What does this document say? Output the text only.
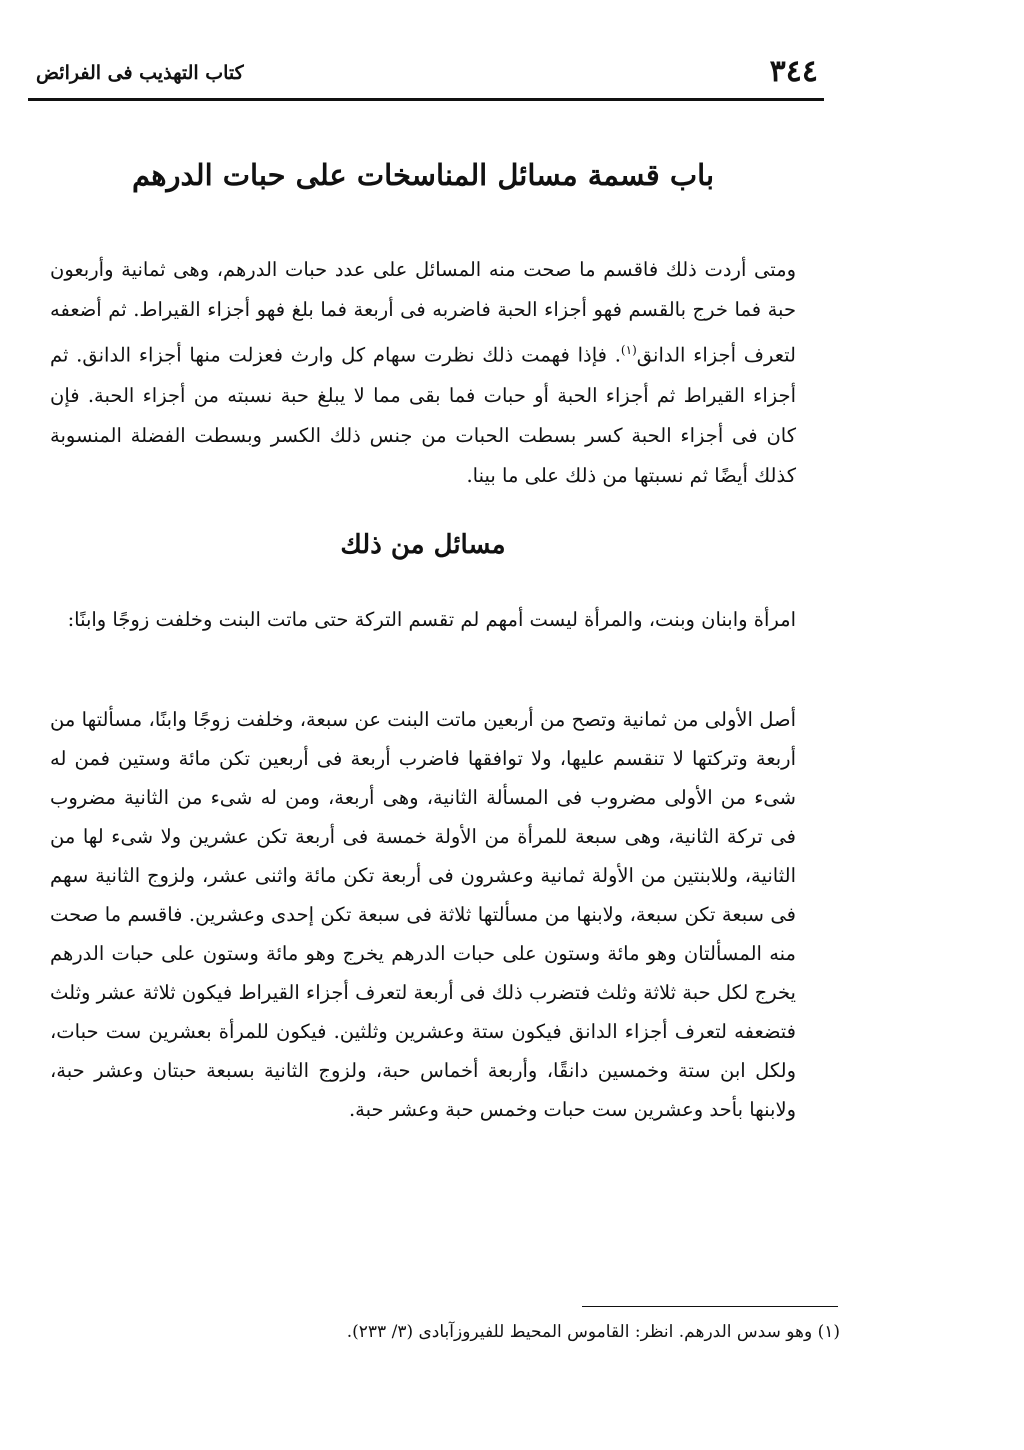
كتاب التهذيب فى الفرائض	٣٤٤
باب قسمة مسائل المناسخات على حبات الدرهم

ومتى أردت ذلك فاقسم ما صحت منه المسائل على عدد حبات الدرهم، وهى ثمانية وأربعون حبة فما خرج بالقسم فهو أجزاء الحبة فاضربه فى أربعة فما بلغ فهو أجزاء القيراط. ثم أضعفه لتعرف أجزاء الدانق$^{(١)}$. فإذا فهمت ذلك نظرت سهام كل وارث فعزلت منها أجزاء الدانق. ثم أجزاء القيراط ثم أجزاء الحبة أو حبات فما بقى مما لا يبلغ حبة نسبته من أجزاء الحبة. فإن كان فى أجزاء الحبة كسر بسطت الحبات من جنس ذلك الكسر وبسطت الفضلة المنسوبة كذلك أيضًا ثم نسبتها من ذلك على ما بينا.

مسائل من ذلك

امرأة وابنان وبنت، والمرأة ليست أمهم لم تقسم التركة حتى ماتت البنت وخلفت زوجًا وابنًا:

أصل الأولى من ثمانية وتصح من أربعين ماتت البنت عن سبعة، وخلفت زوجًا وابنًا، مسألتها من أربعة وتركتها لا تنقسم عليها، ولا توافقها فاضرب أربعة فى أربعين تكن مائة وستين فمن له شىء من الأولى مضروب فى المسألة الثانية، وهى أربعة، ومن له شىء من الثانية مضروب فى تركة الثانية، وهى سبعة للمرأة من الأولة خمسة فى أربعة تكن عشرين ولا شىء لها من الثانية، وللابنتين من الأولة ثمانية وعشرون فى أربعة تكن مائة واثنى عشر، ولزوج الثانية سهم فى سبعة تكن سبعة، ولابنها من مسألتها ثلاثة فى سبعة تكن إحدى وعشرين. فاقسم ما صحت منه المسألتان وهو مائة وستون على حبات الدرهم يخرج وهو مائة وستون على حبات الدرهم يخرج لكل حبة ثلاثة وثلث فتضرب ذلك فى أربعة لتعرف أجزاء القيراط فيكون ثلاثة عشر وثلث فتضعفه لتعرف أجزاء الدانق فيكون ستة وعشرين وثلثين. فيكون للمرأة بعشرين ست حبات، ولكل ابن ستة وخمسين دانقًا، وأربعة أخماس حبة، ولزوج الثانية بسبعة حبتان وعشر حبة، ولابنها بأحد وعشرين ست حبات وخمس حبة وعشر حبة.

(١) وهو سدس الدرهم. انظر: القاموس المحيط للفيروزآبادى (٣/ ٢٣٣).
